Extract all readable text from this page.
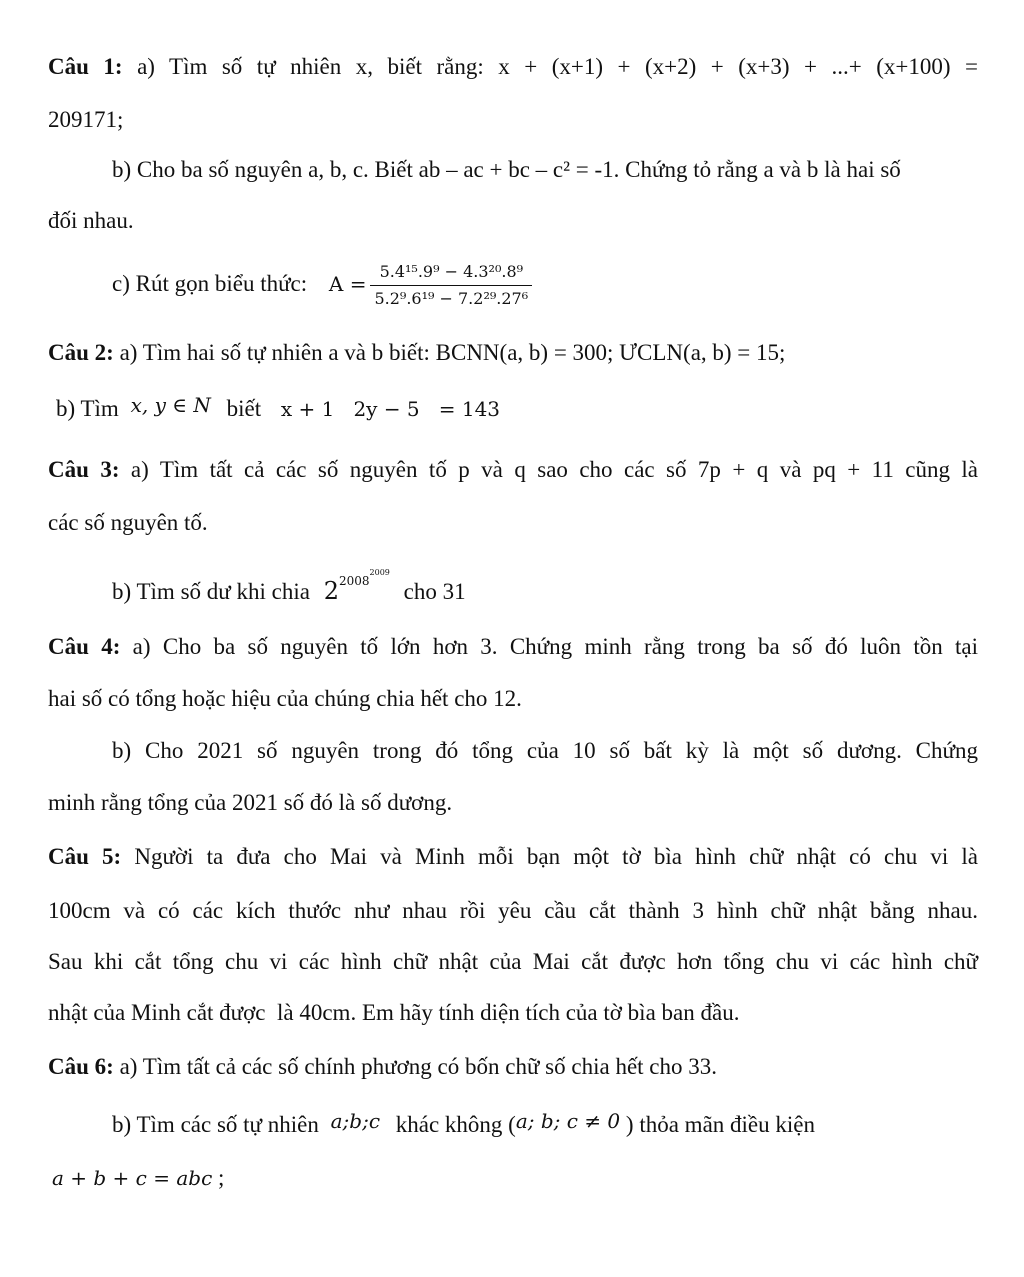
Câu 1: a) Tìm số tự nhiên x, biết rằng: x + (x+1) + (x+2) + (x+3) + ...+ (x+100) =
209171;
b) Cho ba số nguyên a, b, c. Biết ab – ac + bc – c² = -1. Chứng tỏ rằng a và b là hai số
đối nhau.
c) Rút gọn biểu thức: $A = \frac{\text{5.4¹⁵.9⁹ − 4.3²⁰.8⁹}}{\text{5.2⁹.6¹⁹ − 7.2²⁹.27⁶}}$
Câu 2: a) Tìm hai số tự nhiên a và b biết: BCNN(a, b) = 300; ƯCLN(a, b) = 15;
b) Tìm x, y ∈ N biết x + 1   2y − 5   = 143
Câu 3: a) Tìm tất cả các số nguyên tố p và q sao cho các số 7p + q và pq + 11 cũng là
các số nguyên tố.
b) Tìm số dư khi chia $2^{20082009}$ cho 31
Câu 4: a) Cho ba số nguyên tố lớn hơn 3. Chứng minh rằng trong ba số đó luôn tồn tại
hai số có tổng hoặc hiệu của chúng chia hết cho 12.
b) Cho 2021 số nguyên trong đó tổng của 10 số bất kỳ là một số dương. Chứng
minh rằng tổng của 2021 số đó là số dương.
Câu 5: Người ta đưa cho Mai và Minh mỗi bạn một tờ bìa hình chữ nhật có chu vi là
100cm và có các kích thước như nhau rồi yêu cầu cắt thành 3 hình chữ nhật bằng nhau.
Sau khi cắt tổng chu vi các hình chữ nhật của Mai cắt được hơn tổng chu vi các hình chữ
nhật của Minh cắt được  là 40cm. Em hãy tính diện tích của tờ bìa ban đầu.
Câu 6: a) Tìm tất cả các số chính phương có bốn chữ số chia hết cho 33.
b) Tìm các số tự nhiên a;b;c khác không (a; b; c ≠ 0 ) thỏa mãn điều kiện
a + b + c = abc ;
